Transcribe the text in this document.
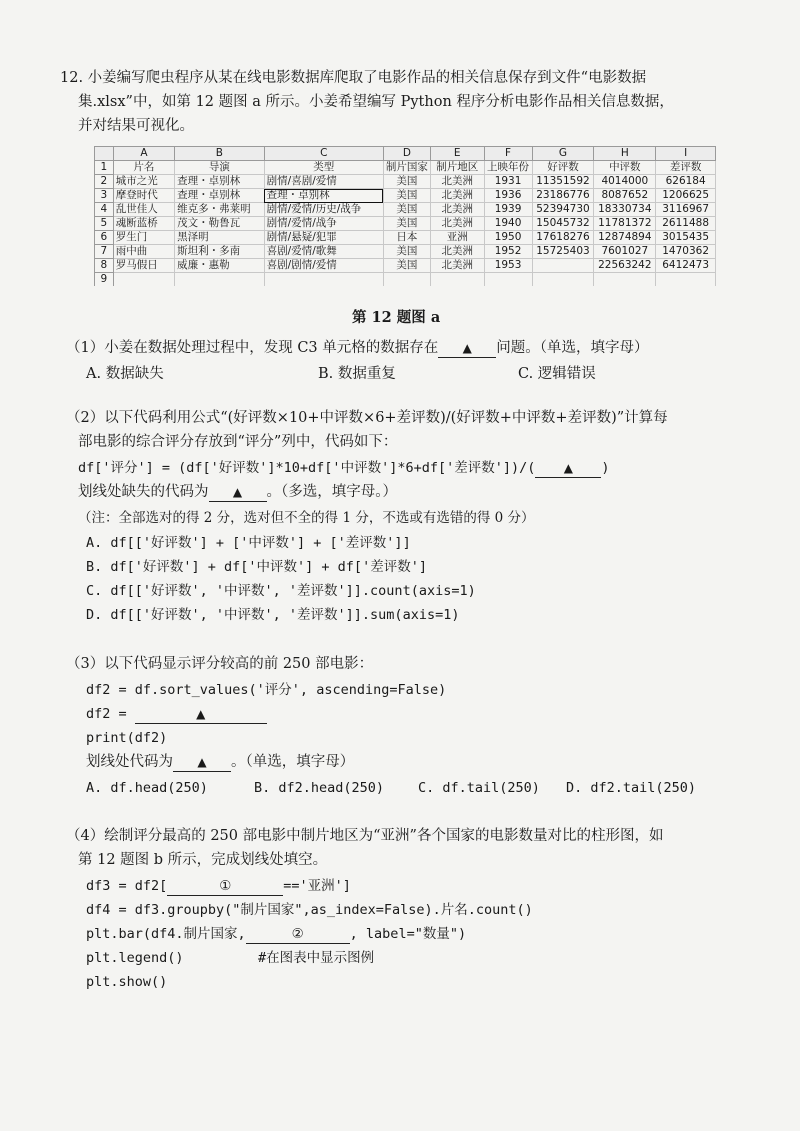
12. 小姜编写爬虫程序从某在线电影数据库爬取了电影作品的相关信息保存到文件“电影数据
集.xlsx”中，如第 12 题图 a 所示。小姜希望编写 Python 程序分析电影作品相关信息数据，
并对结果可视化。
	A	B	C	D	E	F	G	H	I
1	片名	导演	类型	制片国家	制片地区	上映年份	好评数	中评数	差评数
2	城市之光	查理・卓别林	剧情/喜剧/爱情	美国	北美洲	1931	11351592	4014000	626184
3	摩登时代	查理・卓别林	查理・卓别林	美国	北美洲	1936	23186776	8087652	1206625
4	乱世佳人	维克多・弗莱明	剧情/爱情/历史/战争	美国	北美洲	1939	52394730	18330734	3116967
5	魂断蓝桥	茂文・勒鲁瓦	剧情/爱情/战争	美国	北美洲	1940	15045732	11781372	2611488
6	罗生门	黑泽明	剧情/悬疑/犯罪	日本	亚洲	1950	17618276	12874894	3015435
7	雨中曲	斯坦利・多南	喜剧/爱情/歌舞	美国	北美洲	1952	15725403	7601027	1470362
8	罗马假日	威廉・惠勒	喜剧/剧情/爱情	美国	北美洲	1953		22563242	6412473
9									
第 12 题图 a
（1）小姜在数据处理过程中，发现 C3 单元格的数据存在 ▲ 问题。（单选，填字母）
A. 数据缺失	B. 数据重复	C. 逻辑错误
（2）以下代码利用公式“(好评数×10+中评数×6+差评数)/(好评数+中评数+差评数)”计算每
部电影的综合评分存放到“评分”列中，代码如下：
df['评分'] = (df['好评数']*10+df['中评数']*6+df['差评数'])/( ▲ )
划线处缺失的代码为 ▲ 。（多选，填字母。）
（注：全部选对的得 2 分，选对但不全的得 1 分，不选或有选错的得 0 分）
A. df[['好评数'] + ['中评数'] + ['差评数']]
B. df['好评数'] + df['中评数'] + df['差评数']
C. df[['好评数', '中评数', '差评数']].count(axis=1)
D. df[['好评数', '中评数', '差评数']].sum(axis=1)
（3）以下代码显示评分较高的前 250 部电影：
df2 = df.sort_values('评分', ascending=False)
df2 =	▲
print(df2)
划线处代码为 ▲ 。（单选，填字母）
A. df.head(250)	B. df2.head(250)	C. df.tail(250) D. df2.tail(250)
（4）绘制评分最高的 250 部电影中制片地区为“亚洲”各个国家的电影数量对比的柱形图，如
第 12 题图 b 所示，完成划线处填空。
df3 = df2[	①	=='亚洲']
df4 = df3.groupby("制片国家",as_index=False).片名.count()
plt.bar(df4.制片国家,	②	, label="数量")
plt.legend()	#在图表中显示图例
plt.show()
